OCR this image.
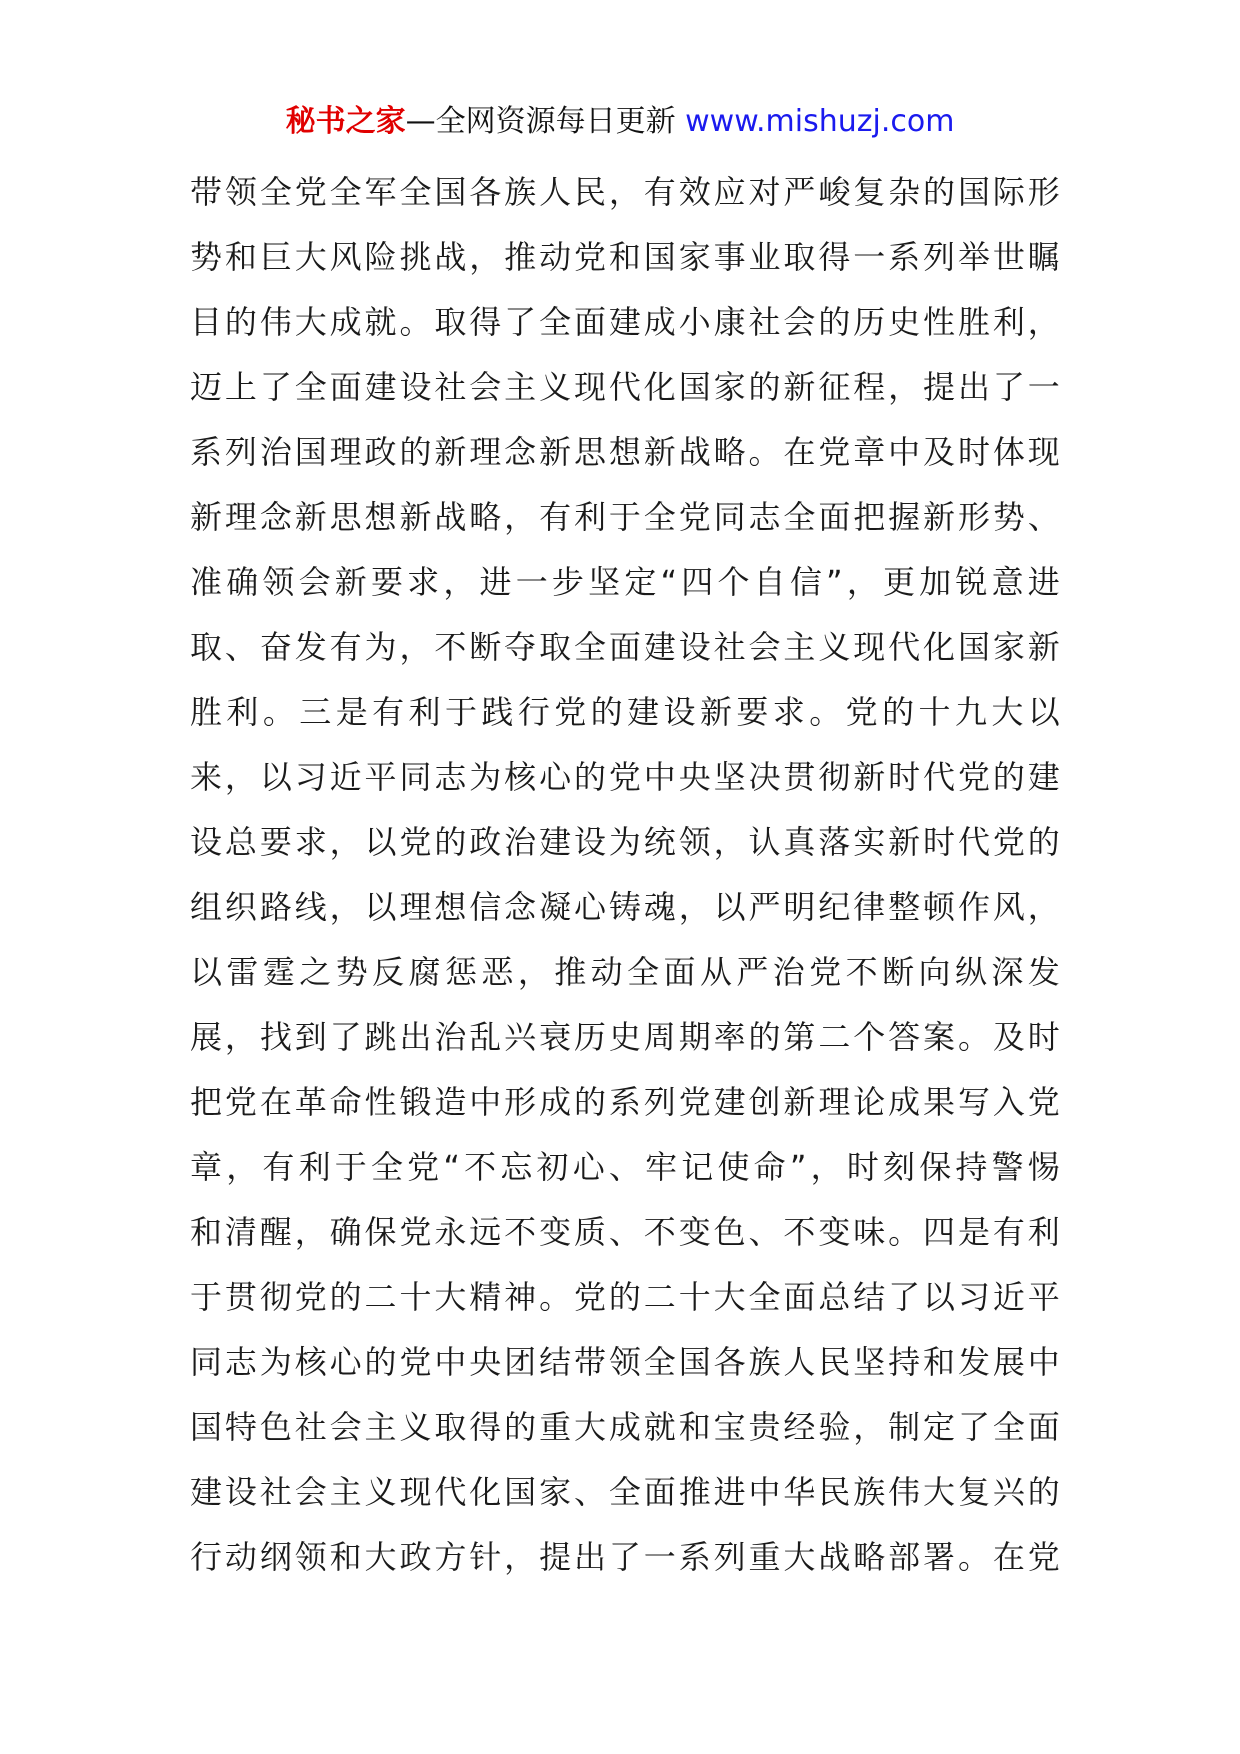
秘书之家—全网资源每日更新 www.mishuzj.com
带领全党全军全国各族人民，有效应对严峻复杂的国际形
势和巨大风险挑战，推动党和国家事业取得一系列举世瞩
目的伟大成就。取得了全面建成小康社会的历史性胜利，
迈上了全面建设社会主义现代化国家的新征程，提出了一
系列治国理政的新理念新思想新战略。在党章中及时体现
新理念新思想新战略，有利于全党同志全面把握新形势、
准确领会新要求，进一步坚定“四个自信”，更加锐意进
取、奋发有为，不断夺取全面建设社会主义现代化国家新
胜利。三是有利于践行党的建设新要求。党的十九大以
来，以习近平同志为核心的党中央坚决贯彻新时代党的建
设总要求，以党的政治建设为统领，认真落实新时代党的
组织路线，以理想信念凝心铸魂，以严明纪律整顿作风，
以雷霆之势反腐惩恶，推动全面从严治党不断向纵深发
展，找到了跳出治乱兴衰历史周期率的第二个答案。及时
把党在革命性锻造中形成的系列党建创新理论成果写入党
章，有利于全党“不忘初心、牢记使命”，时刻保持警惕
和清醒，确保党永远不变质、不变色、不变味。四是有利
于贯彻党的二十大精神。党的二十大全面总结了以习近平
同志为核心的党中央团结带领全国各族人民坚持和发展中
国特色社会主义取得的重大成就和宝贵经验，制定了全面
建设社会主义现代化国家、全面推进中华民族伟大复兴的
行动纲领和大政方针，提出了一系列重大战略部署。在党
